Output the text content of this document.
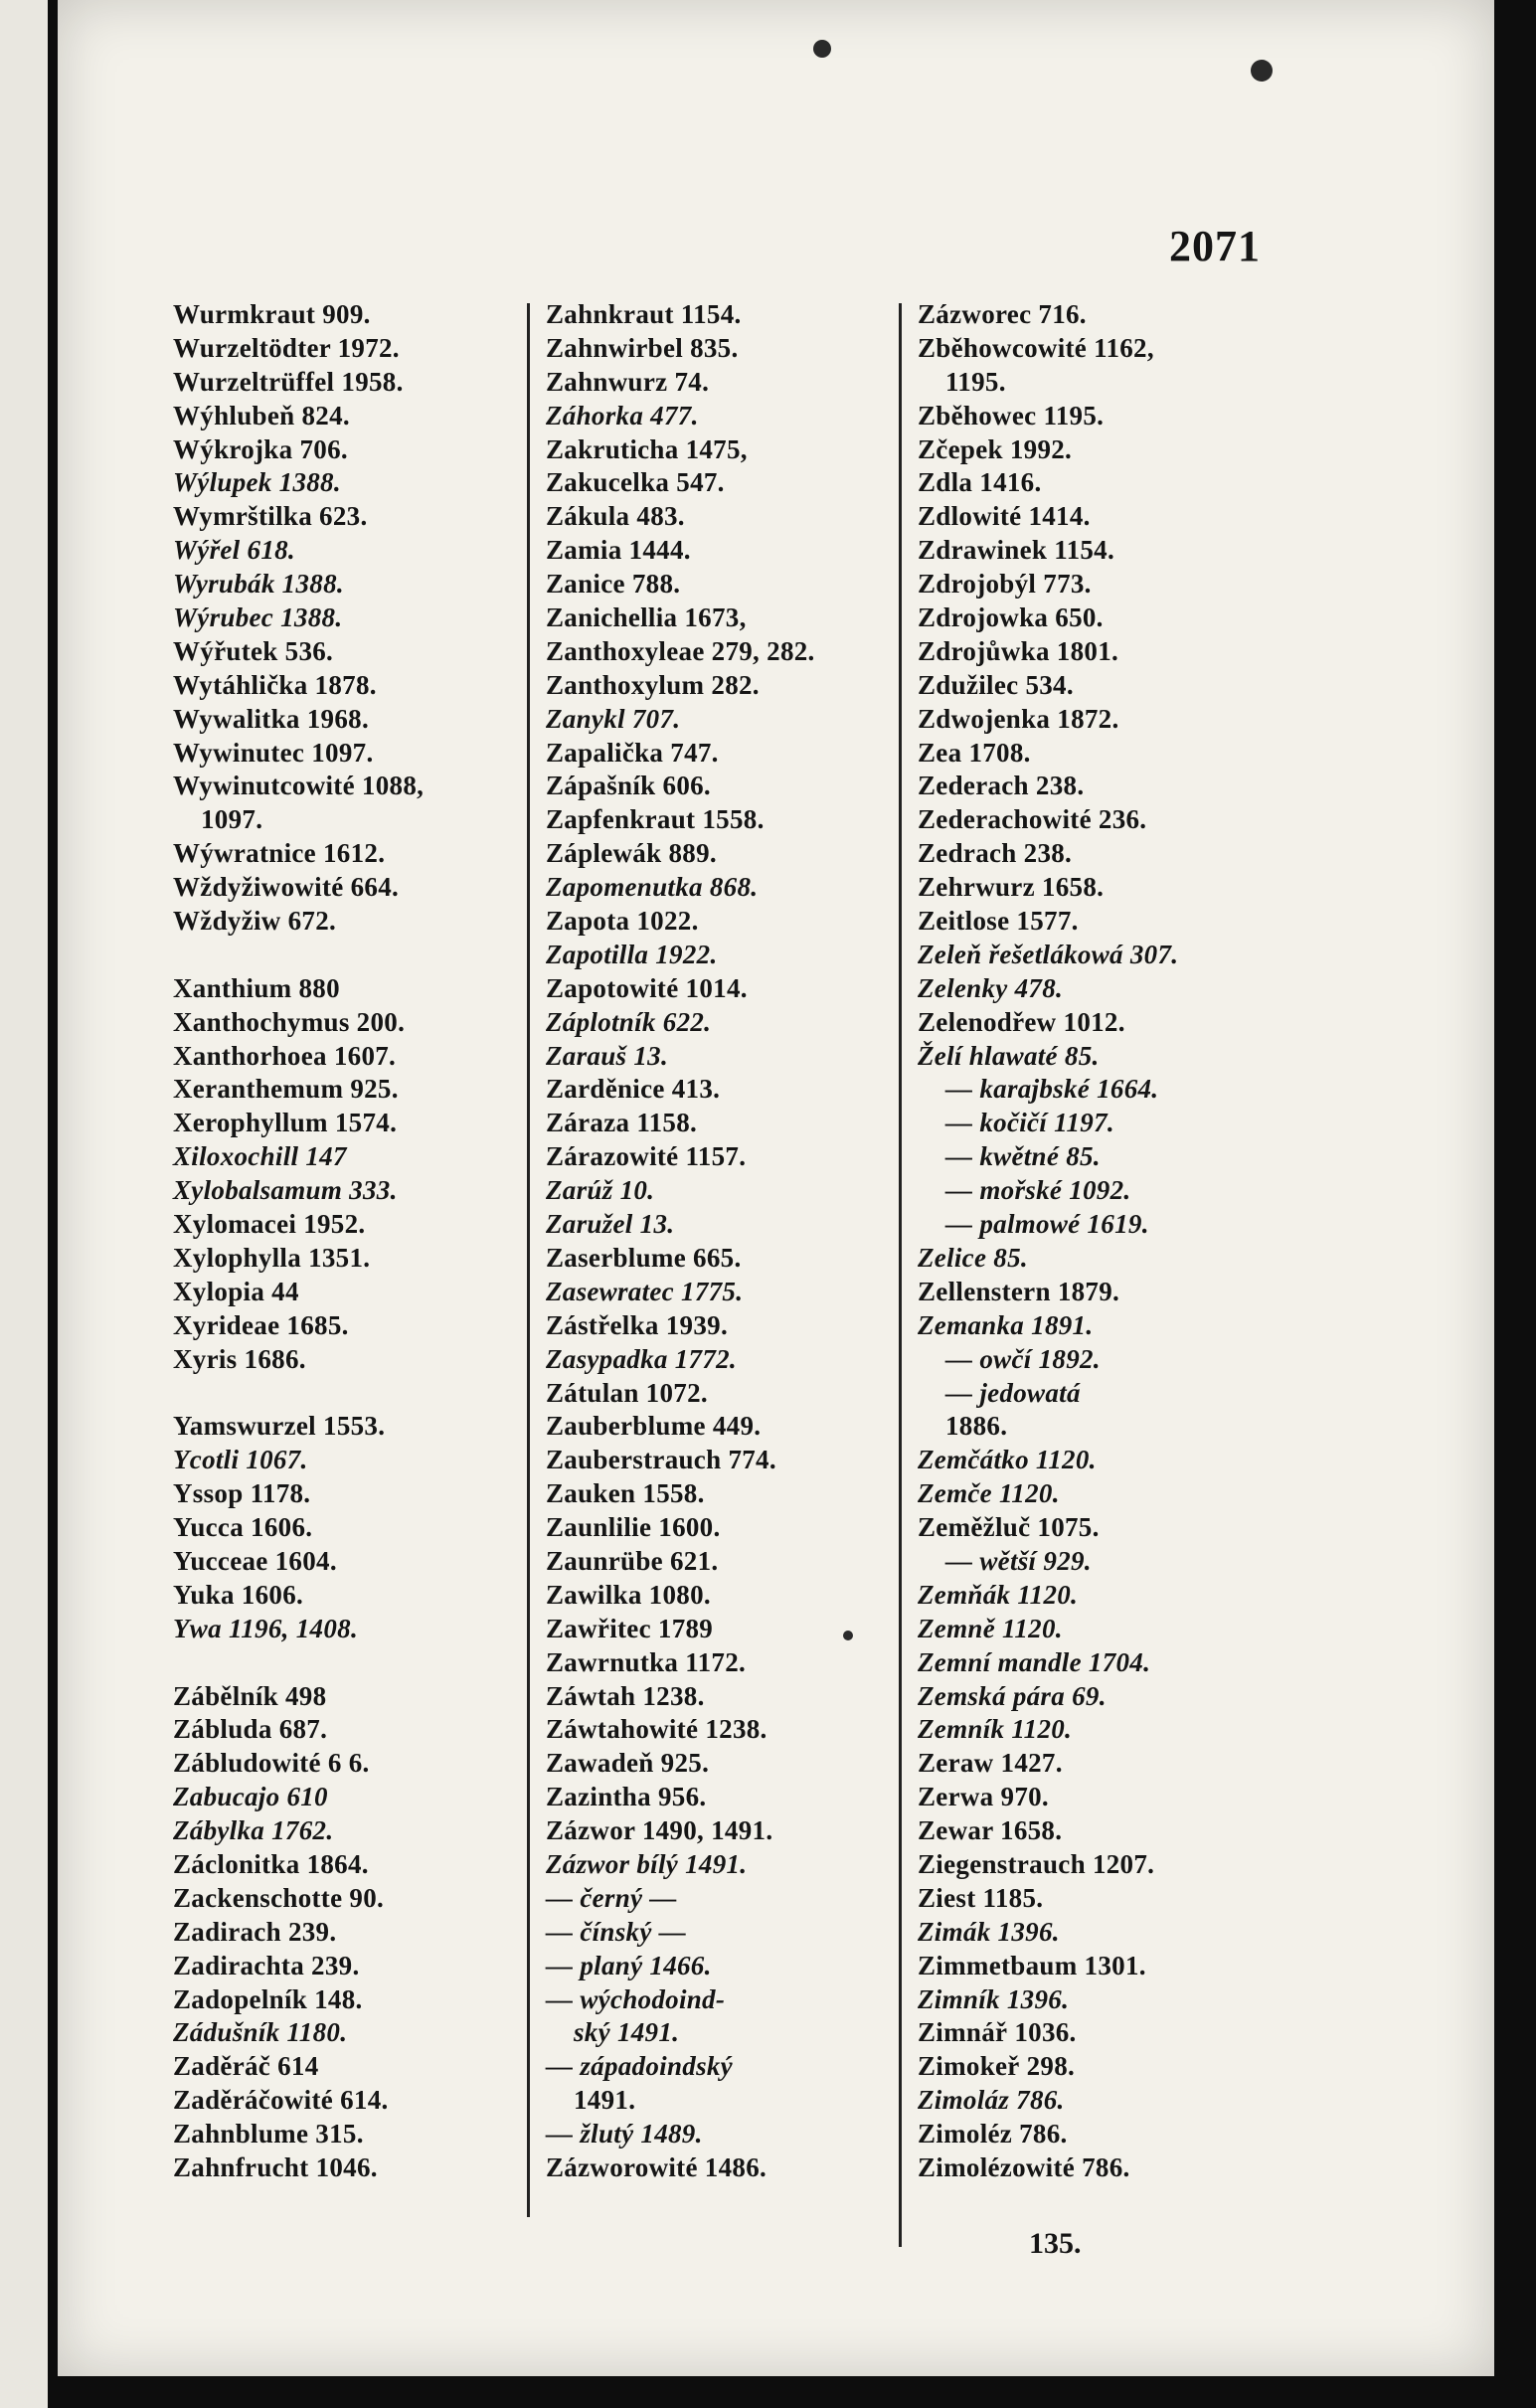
2071
Wurmkraut 909.
Wurzeltödter 1972.
Wurzeltrüffel 1958.
Wýhlubeň 824.
Wýkrojka 706.
Wýlupek 1388.
Wymrštilka 623.
Wýřel 618.
Wyrubák 1388.
Wýrubec 1388.
Wýřutek 536.
Wytáhlička 1878.
Wywalitka 1968.
Wywinutec 1097.
Wywinutcowité 1088,
1097.
Wýwratnice 1612.
Wždyžiwowité 664.
Wždyžiw 672.
Xanthium 880
Xanthochymus 200.
Xanthorhoea 1607.
Xeranthemum 925.
Xerophyllum 1574.
Xiloxochill 147
Xylobalsamum 333.
Xylomacei 1952.
Xylophylla 1351.
Xylopia 44
Xyrideae 1685.
Xyris 1686.
Yamswurzel 1553.
Ycotli 1067.
Yssop 1178.
Yucca 1606.
Yucceae 1604.
Yuka 1606.
Ywa 1196, 1408.
Zábělník 498
Zábluda 687.
Zábludowité 6 6.
Zabucajo 610
Zábylka 1762.
Záclonitka 1864.
Zackenschotte 90.
Zadirach 239.
Zadirachta 239.
Zadopelník 148.
Zádušník 1180.
Zaděráč 614
Zaděráčowité 614.
Zahnblume 315.
Zahnfrucht 1046.
Zahnkraut 1154.
Zahnwirbel 835.
Zahnwurz 74.
Záhorka 477.
Zakruticha 1475,
Zakucelka 547.
Zákula 483.
Zamia 1444.
Zanice 788.
Zanichellia 1673,
Zanthoxyleae 279, 282.
Zanthoxylum 282.
Zanykl 707.
Zapalička 747.
Zápašník 606.
Zapfenkraut 1558.
Záplewák 889.
Zapomenutka 868.
Zapota 1022.
Zapotilla 1922.
Zapotowité 1014.
Záplotník 622.
Zarauš 13.
Zarděnice 413.
Záraza 1158.
Zárazowité 1157.
Zarúž 10.
Zaružel 13.
Zaserblume 665.
Zasewratec 1775.
Zástřelka 1939.
Zasypadka 1772.
Zátulan 1072.
Zauberblume 449.
Zauberstrauch 774.
Zauken 1558.
Zaunlilie 1600.
Zaunrübe 621.
Zawilka 1080.
Zawřitec 1789
Zawrnutka 1172.
Záwtah 1238.
Záwtahowité 1238.
Zawadeň 925.
Zazintha 956.
Zázwor 1490, 1491.
Zázwor bílý 1491.
— černý —
— čínský —
— planý 1466.
— wýchodoind-
ský 1491.
— západoindský
1491.
— žlutý 1489.
Zázworowité 1486.
Zázworec 716.
Zběhowcowité 1162,
1195.
Zběhowec 1195.
Zčepek 1992.
Zdla 1416.
Zdlowité 1414.
Zdrawinek 1154.
Zdrojobýl 773.
Zdrojowka 650.
Zdrojůwka 1801.
Zdužilec 534.
Zdwojenka 1872.
Zea 1708.
Zederach 238.
Zederachowité 236.
Zedrach 238.
Zehrwurz 1658.
Zeitlose 1577.
Zeleň řešetlákowá 307.
Zelenky 478.
Zelenodřew 1012.
Želí hlawaté 85.
— karajbské 1664.
— kočičí 1197.
— kwětné 85.
— mořské 1092.
— palmowé 1619.
Zelice 85.
Zellenstern 1879.
Zemanka 1891.
— owčí 1892.
— jedowatá
1886.
Zemčátko 1120.
Zemče 1120.
Zeměžluč 1075.
— wětší 929.
Zemňák 1120.
Zemně 1120.
Zemní mandle 1704.
Zemská pára 69.
Zemník 1120.
Zeraw 1427.
Zerwa 970.
Zewar 1658.
Ziegenstrauch 1207.
Ziest 1185.
Zimák 1396.
Zimmetbaum 1301.
Zimník 1396.
Zimnář 1036.
Zimokeř 298.
Zimoláz 786.
Zimoléz 786.
Zimolézowité 786.
135.
